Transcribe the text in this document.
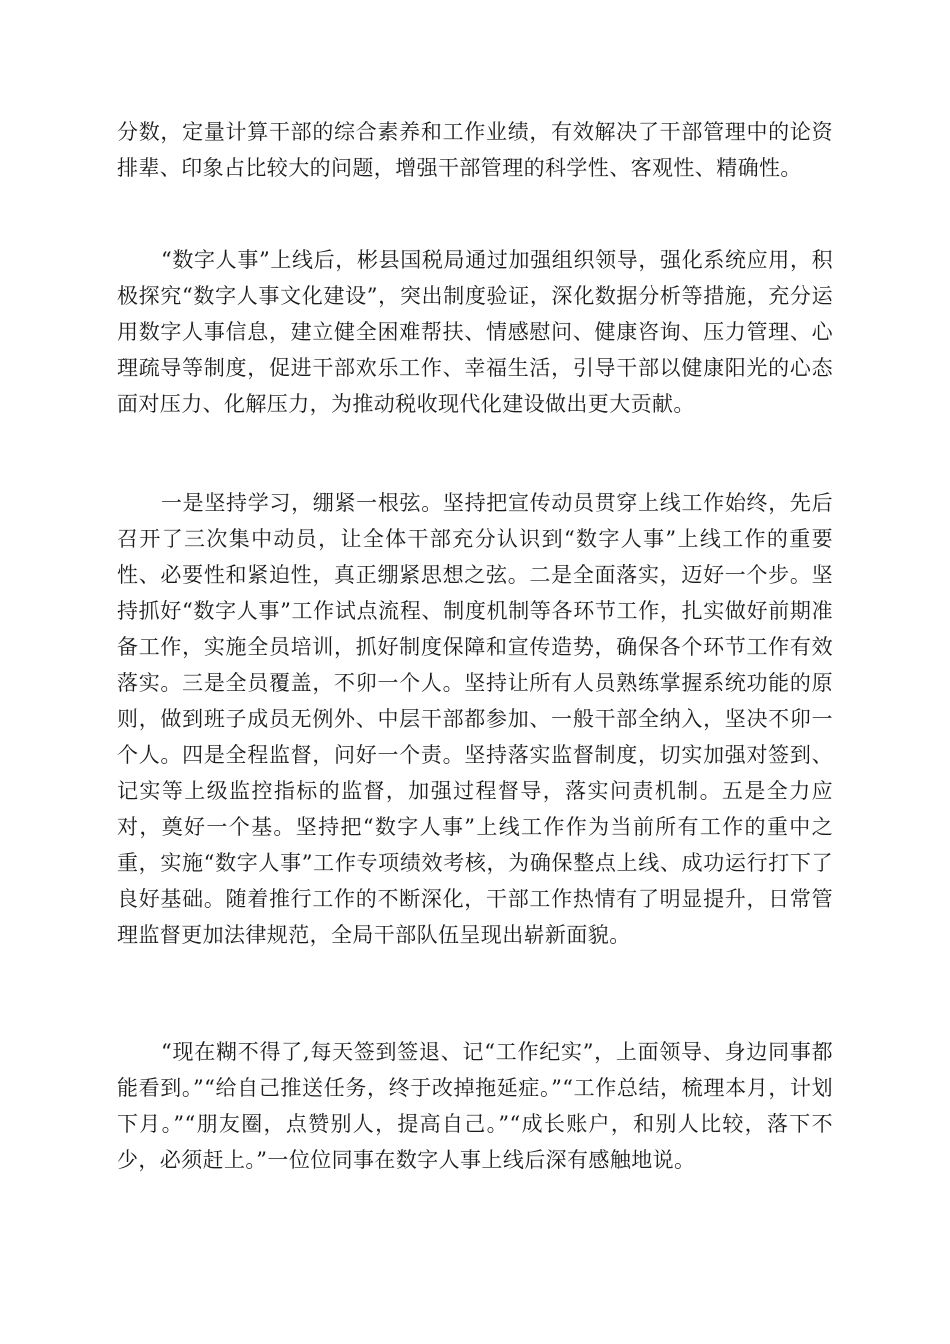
分数，定量计算干部的综合素养和工作业绩，有效解决了干部管理中的论资排辈、印象占比较大的问题，增强干部管理的科学性、客观性、精确性。

“数字人事”上线后，彬县国税局通过加强组织领导，强化系统应用，积极探究“数字人事文化建设”，突出制度验证，深化数据分析等措施，充分运用数字人事信息，建立健全困难帮扶、情感慰问、健康咨询、压力管理、心理疏导等制度，促进干部欢乐工作、幸福生活，引导干部以健康阳光的心态面对压力、化解压力，为推动税收现代化建设做出更大贡献。

一是坚持学习，绷紧一根弦。坚持把宣传动员贯穿上线工作始终，先后召开了三次集中动员，让全体干部充分认识到“数字人事”上线工作的重要性、必要性和紧迫性，真正绷紧思想之弦。二是全面落实，迈好一个步。坚持抓好“数字人事”工作试点流程、制度机制等各环节工作，扎实做好前期准备工作，实施全员培训，抓好制度保障和宣传造势，确保各个环节工作有效落实。三是全员覆盖，不卯一个人。坚持让所有人员熟练掌握系统功能的原则，做到班子成员无例外、中层干部都参加、一般干部全纳入，坚决不卯一个人。四是全程监督，问好一个责。坚持落实监督制度，切实加强对签到、记实等上级监控指标的监督，加强过程督导，落实问责机制。五是全力应对，奠好一个基。坚持把“数字人事”上线工作作为当前所有工作的重中之重，实施“数字人事”工作专项绩效考核，为确保整点上线、成功运行打下了良好基础。随着推行工作的不断深化，干部工作热情有了明显提升，日常管理监督更加法律规范，全局干部队伍呈现出崭新面貌。

“现在糊不得了,每天签到签退、记“工作纪实”，上面领导、身边同事都能看到。”“给自己推送任务，终于改掉拖延症。”“工作总结，梳理本月，计划下月。”“朋友圈，点赞别人，提高自己。”“成长账户，和别人比较，落下不少，必须赶上。”一位位同事在数字人事上线后深有感触地说。
